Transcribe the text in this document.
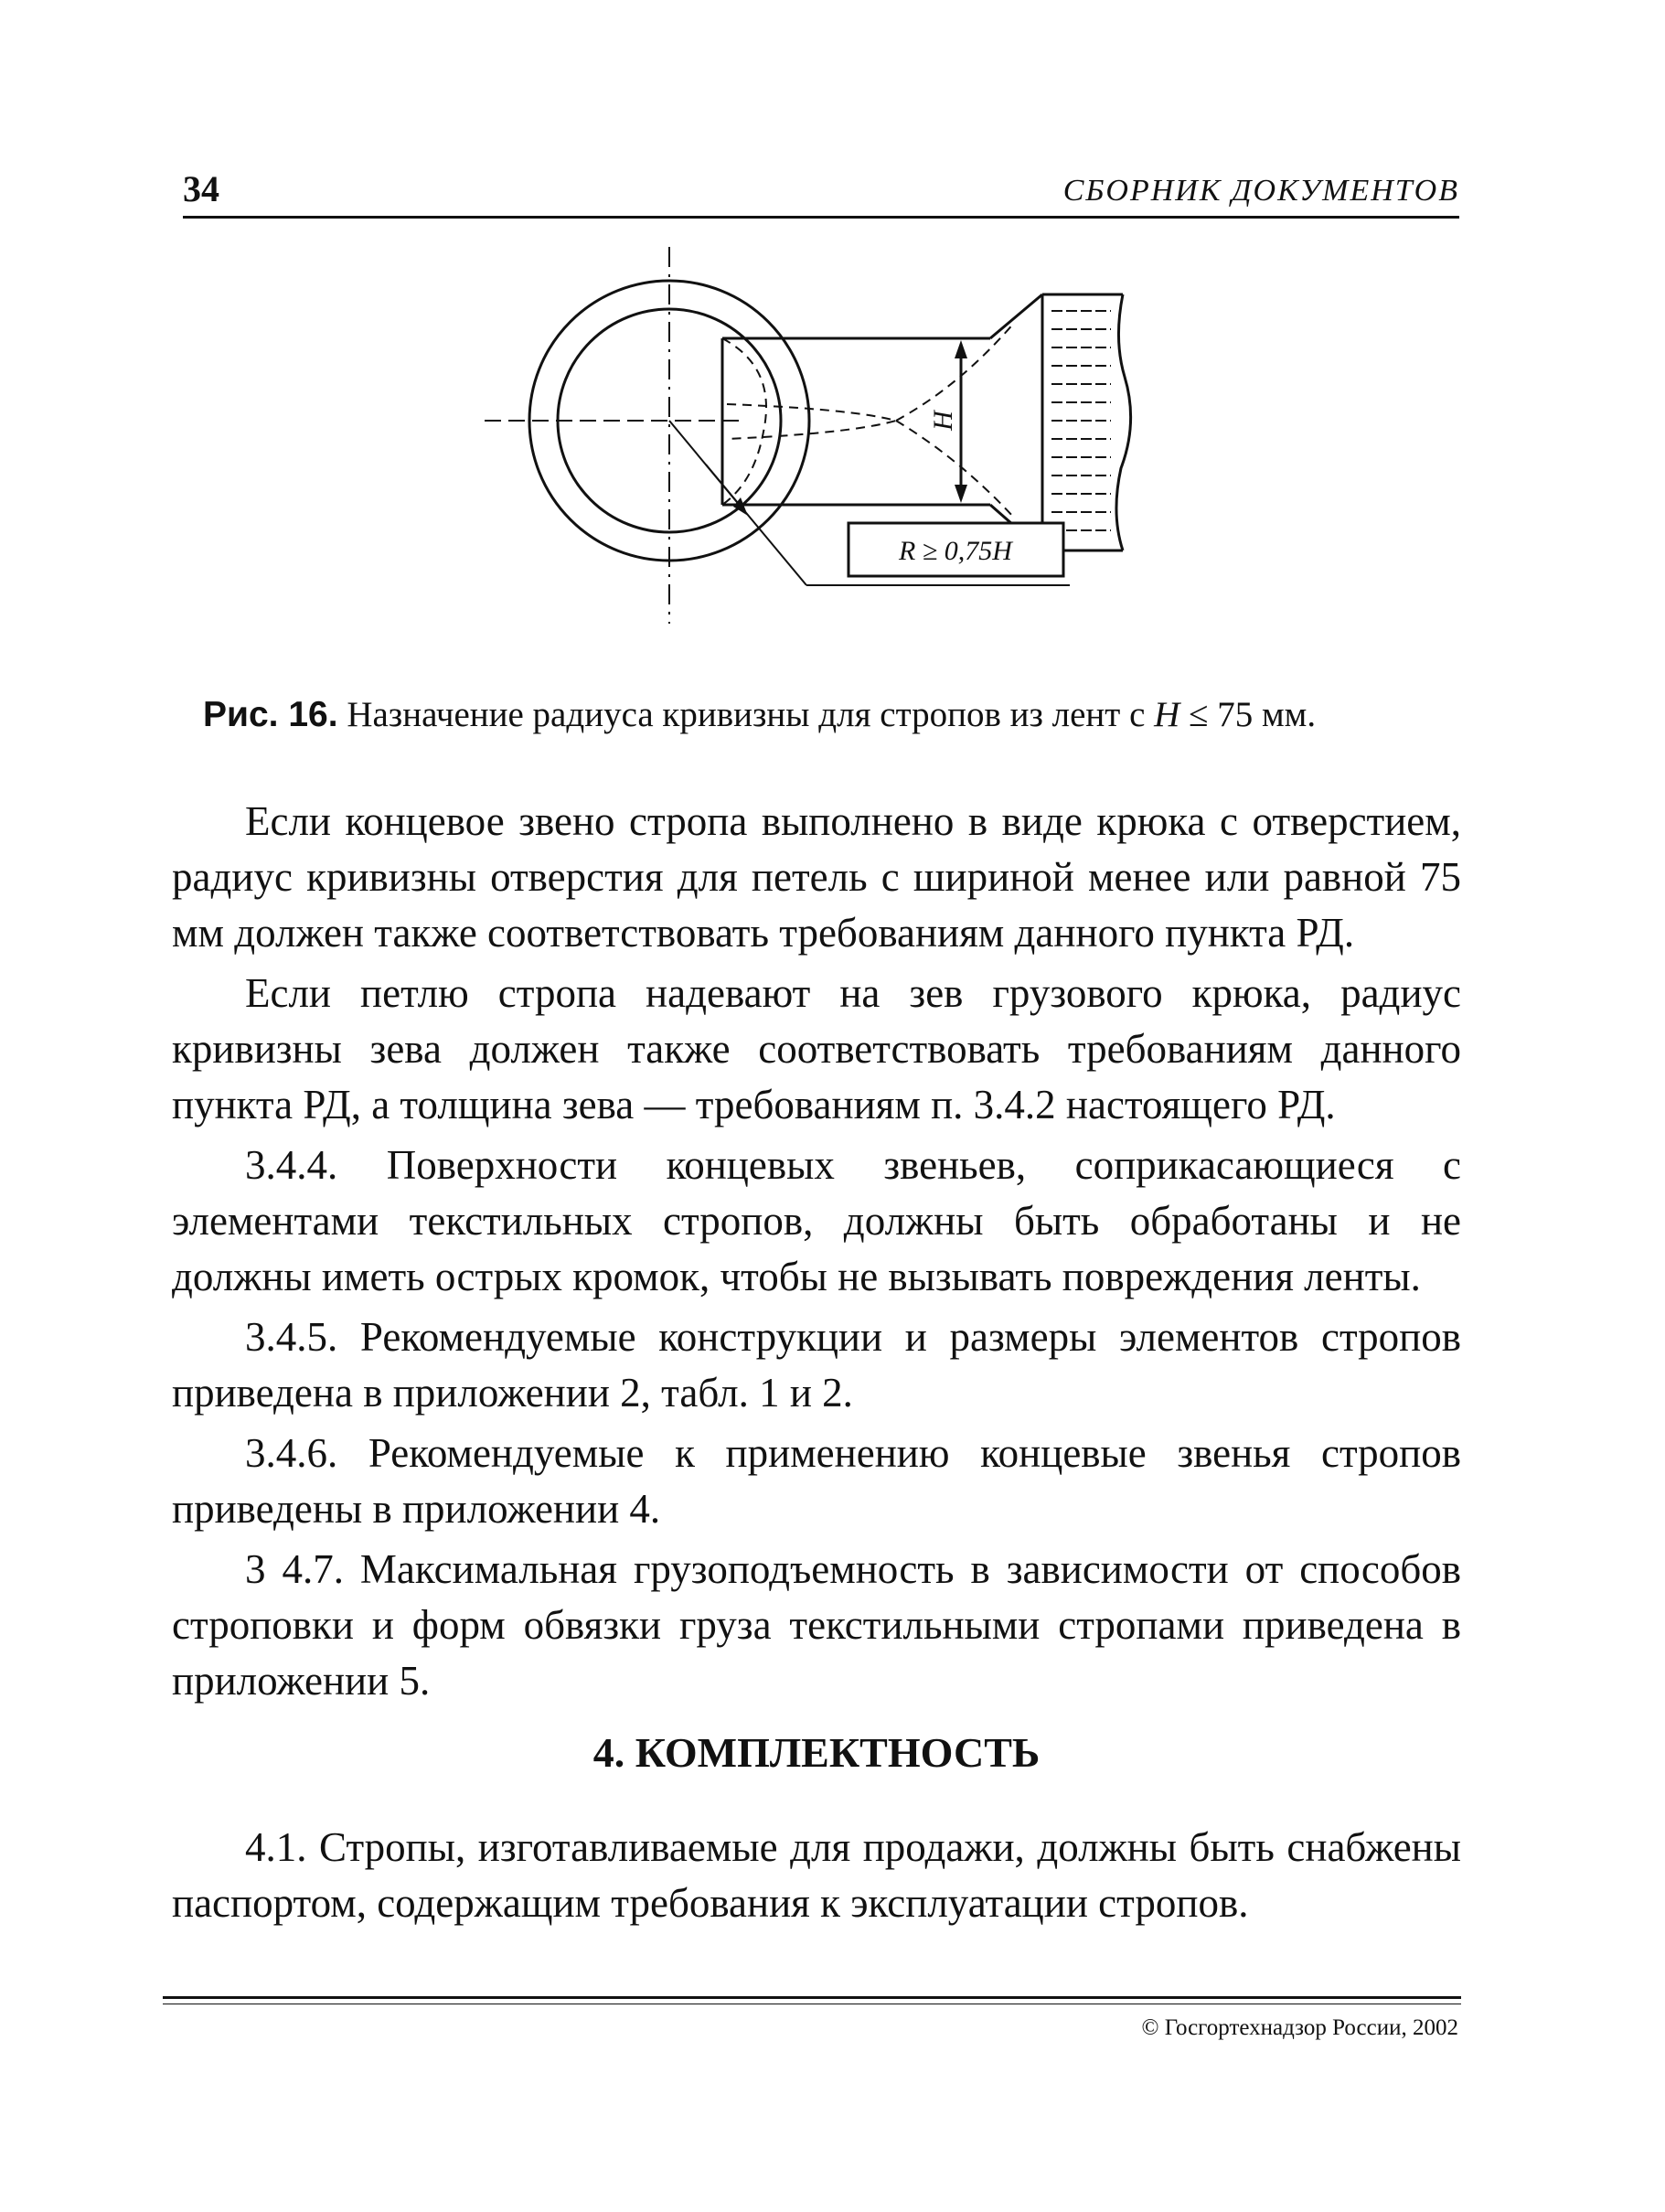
34	СБОРНИК ДОКУМЕНТОВ
H
R ≥ 0,75H
Рис. 16. Назначение радиуса кривизны для стропов из лент с H ≤ 75 мм.

Если концевое звено стропа выполнено в виде крюка с отверстием, радиус кривизны отверстия для петель с шириной менее или равной 75 мм должен также соответствовать требованиям данного пункта РД.

Если петлю стропа надевают на зев грузового крюка, радиус кривизны зева должен также соответствовать требованиям данного пункта РД, а толщина зева — требованиям п. 3.4.2 настоящего РД.

3.4.4. Поверхности концевых звеньев, соприкасающиеся с элементами текстильных стропов, должны быть обработаны и не должны иметь острых кромок, чтобы не вызывать повреждения ленты.

3.4.5. Рекомендуемые конструкции и размеры элементов стропов приведена в приложении 2, табл. 1 и 2.

3.4.6. Рекомендуемые к применению концевые звенья стропов приведены в приложении 4.

3 4.7. Максимальная грузоподъемность в зависимости от способов строповки и форм обвязки груза текстильными стропами приведена в приложении 5.

4. КОМПЛЕКТНОСТЬ

4.1. Стропы, изготавливаемые для продажи, должны быть снабжены паспортом, содержащим требования к эксплуатации стропов.

© Госгортехнадзор России, 2002
